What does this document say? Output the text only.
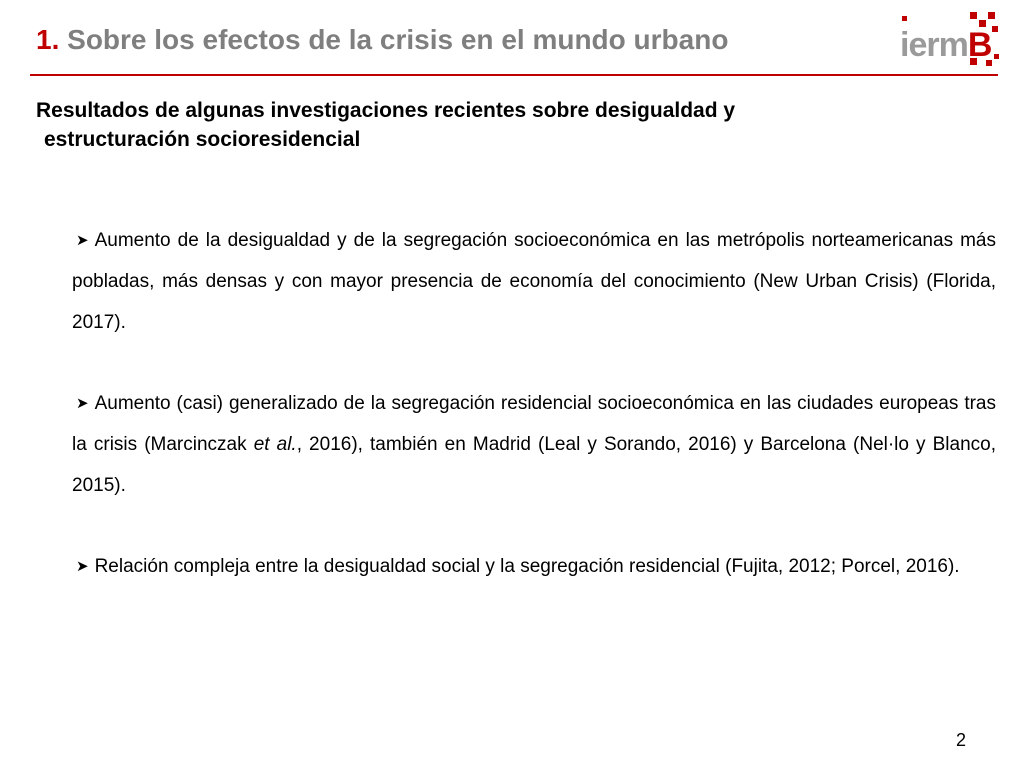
1. Sobre los efectos de la crisis en el mundo urbano	iermB
Resultados de algunas investigaciones recientes sobre desigualdad y
estructuración socioresidencial
➤ Aumento de la desigualdad y de la segregación socioeconómica en las metrópolis norteamericanas más pobladas, más densas y con mayor presencia de economía del conocimiento (New Urban Crisis) (Florida, 2017).
➤ Aumento (casi) generalizado de la segregación residencial socioeconómica en las ciudades europeas tras la crisis (Marcinczak et al., 2016), también en Madrid (Leal y Sorando, 2016) y Barcelona (Nel·lo y Blanco, 2015).
➤ Relación compleja entre la desigualdad social y la segregación residencial (Fujita, 2012; Porcel, 2016).
2
